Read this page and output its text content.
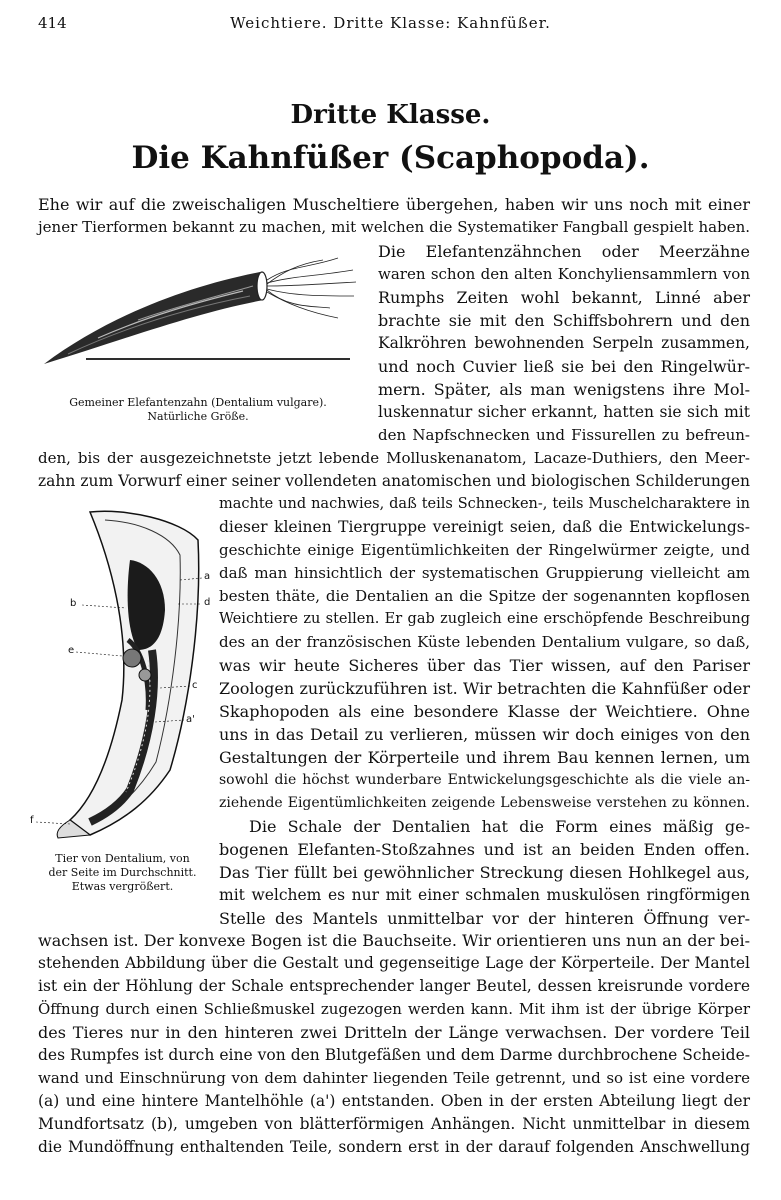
414	Weichtiere. Dritte Klasse: Kahnfüßer.
Dritte Klasse.
Die Kahnfüßer (Scaphopoda).
Ehe wir auf die zweischaligen Muscheltiere übergehen, haben wir uns noch mit einer
jener Tierformen bekannt zu machen, mit welchen die Systematiker Fangball gespielt haben.
Gemeiner Elefantenzahn (Dentalium vulgare).
Natürliche Größe.
Die Elefantenzähnchen oder Meerzähne
waren schon den alten Konchyliensammlern von
Rumphs Zeiten wohl bekannt, Linné aber
brachte sie mit den Schiffsbohrern und den
Kalkröhren bewohnenden Serpeln zusammen,
und noch Cuvier ließ sie bei den Ringelwür-
mern. Später, als man wenigstens ihre Mol-
luskennatur sicher erkannt, hatten sie sich mit
den Napfschnecken und Fissurellen zu befreun-
den, bis der ausgezeichnetste jetzt lebende Molluskenanatom, Lacaze-Duthiers, den Meer-
zahn zum Vorwurf einer seiner vollendeten anatomischen und biologischen Schilderungen
a
b	d
e
c
a'
f
Tier von Dentalium, von
der Seite im Durchschnitt.
Etwas vergrößert.
machte und nachwies, daß teils Schnecken-, teils Muschelcharaktere in
dieser kleinen Tiergruppe vereinigt seien, daß die Entwickelungs-
geschichte einige Eigentümlichkeiten der Ringelwürmer zeigte, und
daß man hinsichtlich der systematischen Gruppierung vielleicht am
besten thäte, die Dentalien an die Spitze der sogenannten kopflosen
Weichtiere zu stellen. Er gab zugleich eine erschöpfende Beschreibung
des an der französischen Küste lebenden Dentalium vulgare, so daß,
was wir heute Sicheres über das Tier wissen, auf den Pariser
Zoologen zurückzuführen ist. Wir betrachten die Kahnfüßer oder
Skaphopoden als eine besondere Klasse der Weichtiere. Ohne
uns in das Detail zu verlieren, müssen wir doch einiges von den
Gestaltungen der Körperteile und ihrem Bau kennen lernen, um
sowohl die höchst wunderbare Entwickelungsgeschichte als die viele an-
ziehende Eigentümlichkeiten zeigende Lebensweise verstehen zu können.
Die Schale der Dentalien hat die Form eines mäßig ge-
bogenen Elefanten-Stoßzahnes und ist an beiden Enden offen.
Das Tier füllt bei gewöhnlicher Streckung diesen Hohlkegel aus,
mit welchem es nur mit einer schmalen muskulösen ringförmigen
Stelle des Mantels unmittelbar vor der hinteren Öffnung ver-
wachsen ist. Der konvexe Bogen ist die Bauchseite. Wir orientieren uns nun an der bei-
stehenden Abbildung über die Gestalt und gegenseitige Lage der Körperteile. Der Mantel
ist ein der Höhlung der Schale entsprechender langer Beutel, dessen kreisrunde vordere
Öffnung durch einen Schließmuskel zugezogen werden kann. Mit ihm ist der übrige Körper
des Tieres nur in den hinteren zwei Dritteln der Länge verwachsen. Der vordere Teil
des Rumpfes ist durch eine von den Blutgefäßen und dem Darme durchbrochene Scheide-
wand und Einschnürung von dem dahinter liegenden Teile getrennt, und so ist eine vordere
(a) und eine hintere Mantelhöhle (a') entstanden. Oben in der ersten Abteilung liegt der
Mundfortsatz (b), umgeben von blätterförmigen Anhängen. Nicht unmittelbar in diesem
die Mundöffnung enthaltenden Teile, sondern erst in der darauf folgenden Anschwellung
